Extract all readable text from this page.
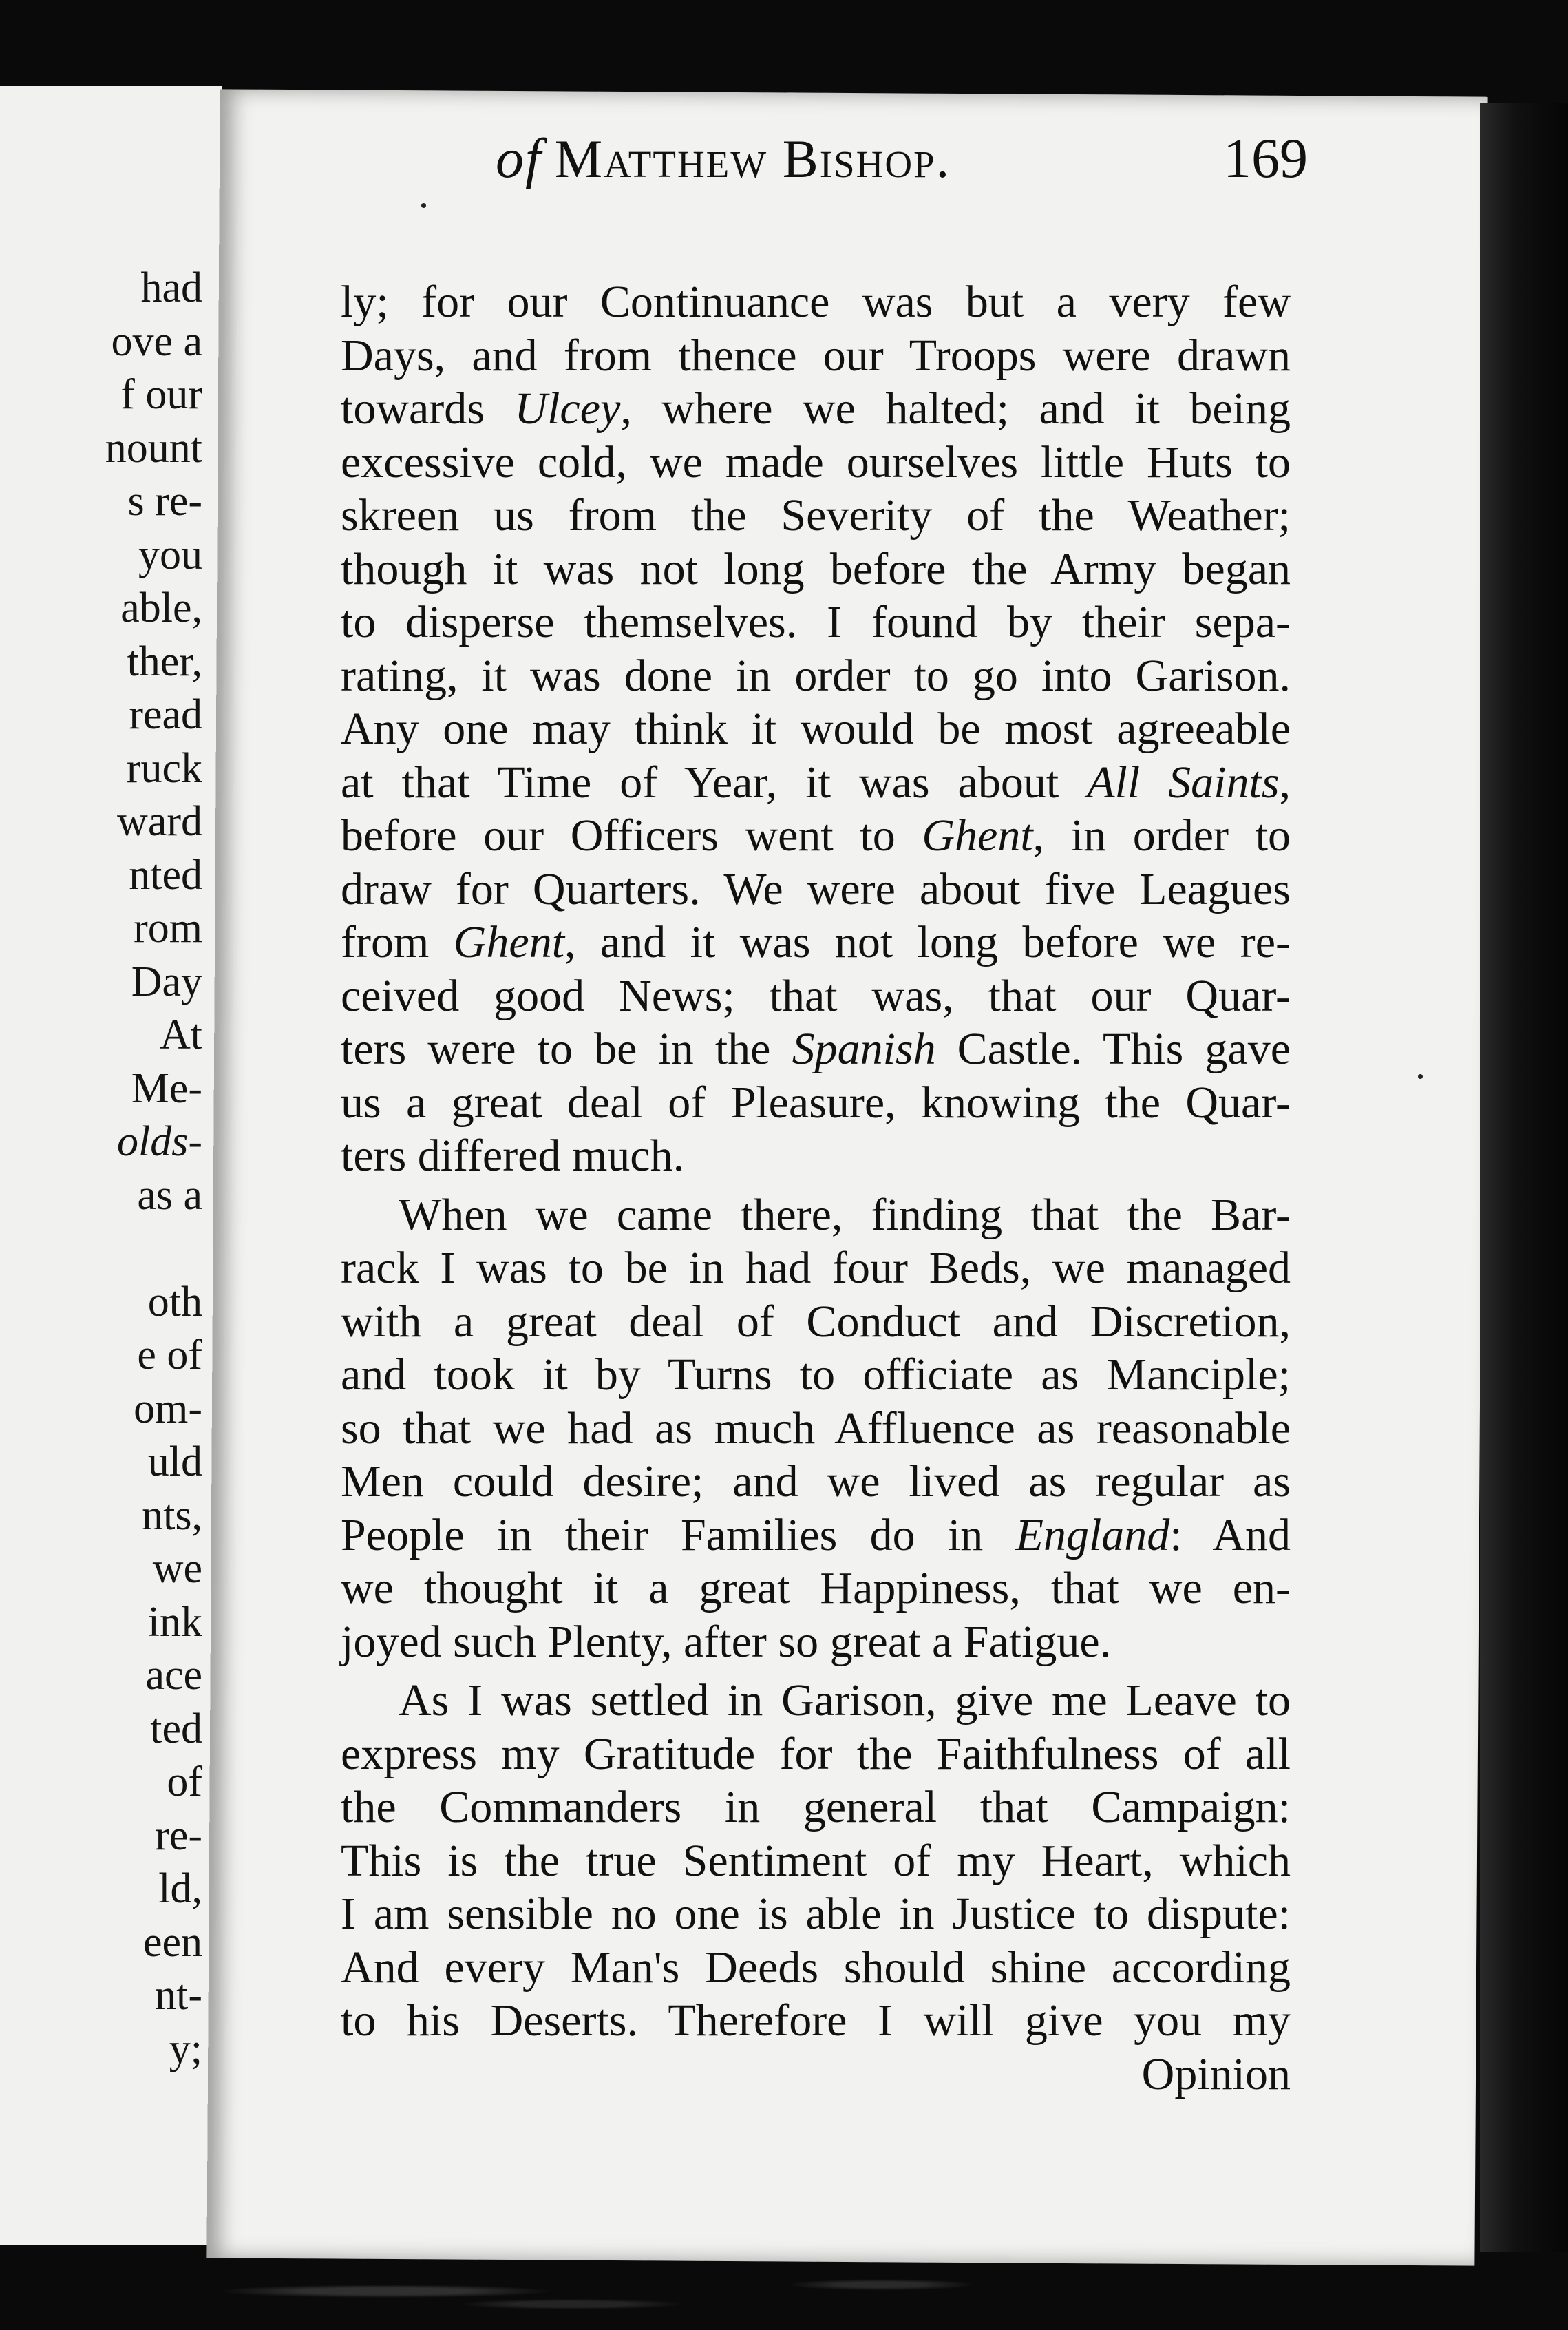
had
ove a
f our
nount
s re-
you
able,
ther,
read
ruck
ward
nted
rom
Day
At
Me-
olds-
as a
oth
e of
om-
uld
nts,
we
ink
ace
ted
of
re-
ld,
een
nt-
y;
of Matthew Bishop.	169
ly; for our Continuance was but a very few
Days, and from thence our Troops were drawn
towards Ulcey, where we halted; and it being
excessive cold, we made ourselves little Huts to
skreen us from the Severity of the Weather;
though it was not long before the Army began
to disperse themselves. I found by their sepa-
rating, it was done in order to go into Garison.
Any one may think it would be most agreeable
at that Time of Year, it was about All Saints,
before our Officers went to Ghent, in order to
draw for Quarters. We were about five Leagues
from Ghent, and it was not long before we re-
ceived good News; that was, that our Quar-
ters were to be in the Spanish Castle. This gave
us a great deal of Pleasure, knowing the Quar-
ters differed much.
When we came there, finding that the Bar-
rack I was to be in had four Beds, we managed
with a great deal of Conduct and Discretion,
and took it by Turns to officiate as Manciple;
so that we had as much Affluence as reasonable
Men could desire; and we lived as regular as
People in their Families do in England: And
we thought it a great Happiness, that we en-
joyed such Plenty, after so great a Fatigue.
As I was settled in Garison, give me Leave to
express my Gratitude for the Faithfulness of all
the Commanders in general that Campaign:
This is the true Sentiment of my Heart, which
I am sensible no one is able in Justice to dispute:
And every Man's Deeds should shine according
to his Deserts. Therefore I will give you my
Opinion
